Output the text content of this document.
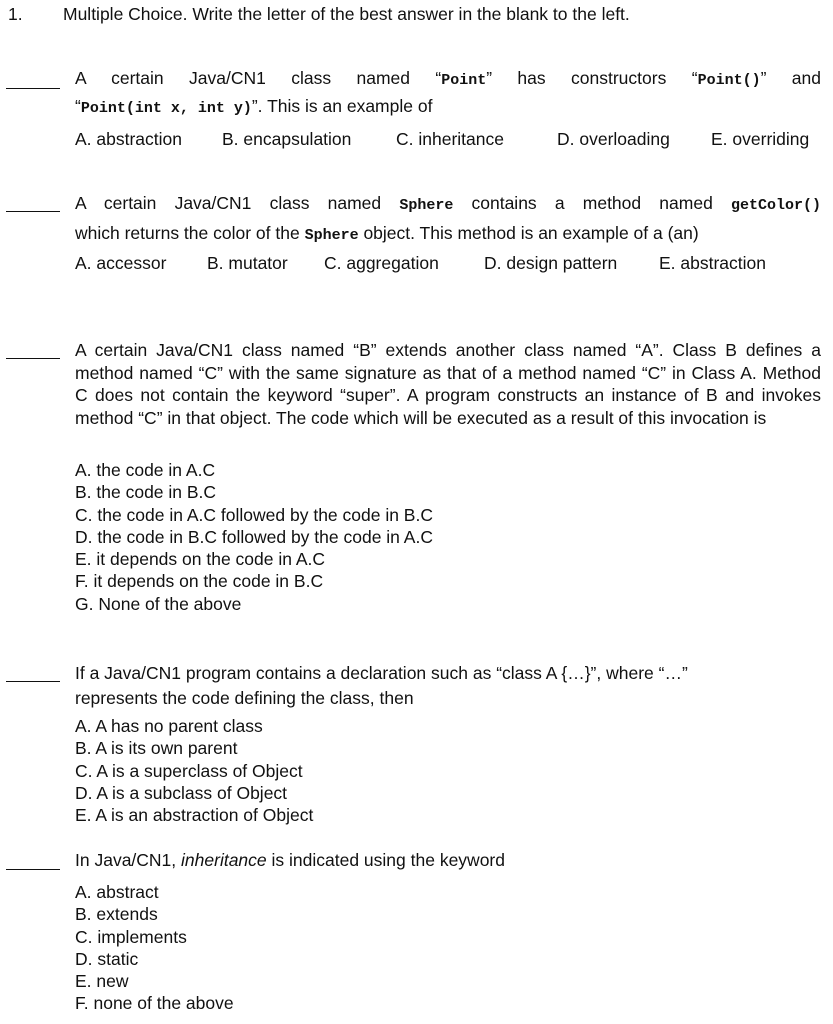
1. Multiple Choice. Write the letter of the best answer in the blank to the left.
A certain Java/CN1 class named “Point” has constructors “Point()” and
“Point(int x, int y)”. This is an example of
A. abstraction B. encapsulation	C. inheritance	D. overloading E. overriding
A certain Java/CN1 class named Sphere contains a method named getColor()
which returns the color of the Sphere object. This method is an example of a (an)
A. accessor B. mutator C. aggregation	D. design pattern E. abstraction
A certain Java/CN1 class named “B” extends another class named “A”. Class B defines a method named “C” with the same signature as that of a method named “C” in Class A. Method C does not contain the keyword “super”. A program constructs an instance of B and invokes method “C” in that object. The code which will be executed as a result of this invocation is
A. the code in A.C
B. the code in B.C
C. the code in A.C followed by the code in B.C
D. the code in B.C followed by the code in A.C
E. it depends on the code in A.C
F. it depends on the code in B.C
G. None of the above
If a Java/CN1 program contains a declaration such as “class A {…}”, where “…” represents the code defining the class, then
A. A has no parent class
B. A is its own parent
C. A is a superclass of Object
D. A is a subclass of Object
E. A is an abstraction of Object
In Java/CN1, inheritance is indicated using the keyword
A. abstract
B. extends
C. implements
D. static
E. new
F. none of the above
